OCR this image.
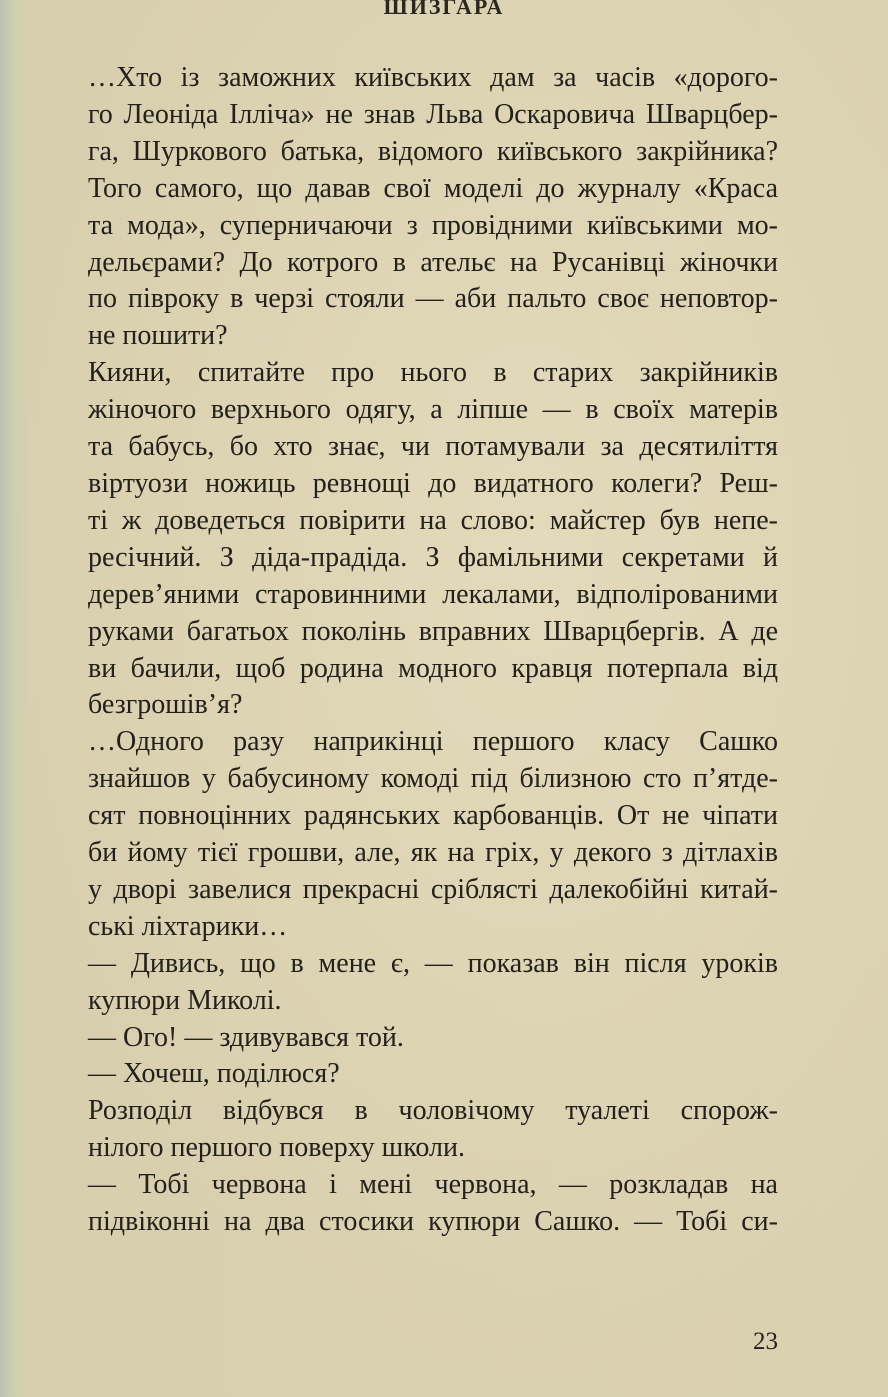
ШИЗГАРА

…Хто із заможних київських дам за часів «дорого-
го Леоніда Ілліча» не знав Льва Оскаровича Шварцбер-
га, Шуркового батька, відомого київського закрійника?
Того самого, що давав свої моделі до журналу «Краса
та мода», суперничаючи з провідними київськими мо-
дельєрами? До котрого в ательє на Русанівці жіночки
по півроку в черзі стояли — аби пальто своє неповтор-
не пошити?

Кияни, спитайте про нього в старих закрійників
жіночого верхнього одягу, а ліпше — в своїх матерів
та бабусь, бо хто знає, чи потамували за десятиліття
віртуози ножиць ревнощі до видатного колеги? Реш-
ті ж доведеться повірити на слово: майстер був непе-
ресічний. З діда-прадіда. З фамільними секретами й
дерев’яними старовинними лекалами, відполірованими
руками багатьох поколінь вправних Шварцбергів. А де
ви бачили, щоб родина модного кравця потерпала від
безгрошів’я?

…Одного разу наприкінці першого класу Сашко
знайшов у бабусиному комоді під білизною сто п’ятде-
сят повноцінних радянських карбованців. От не чіпати
би йому тієї грошви, але, як на гріх, у декого з дітлахів
у дворі завелися прекрасні сріблясті далекобійні китай-
ські ліхтарики…

— Дивись, що в мене є, — показав він після уроків
купюри Миколі.

— Ого! — здивувався той.

— Хочеш, поділюся?

Розподіл відбувся в чоловічому туалеті спорож-
нілого першого поверху школи.

— Тобі червона і мені червона, — розкладав на
підвіконні на два стосики купюри Сашко. — Тобі си-

23
